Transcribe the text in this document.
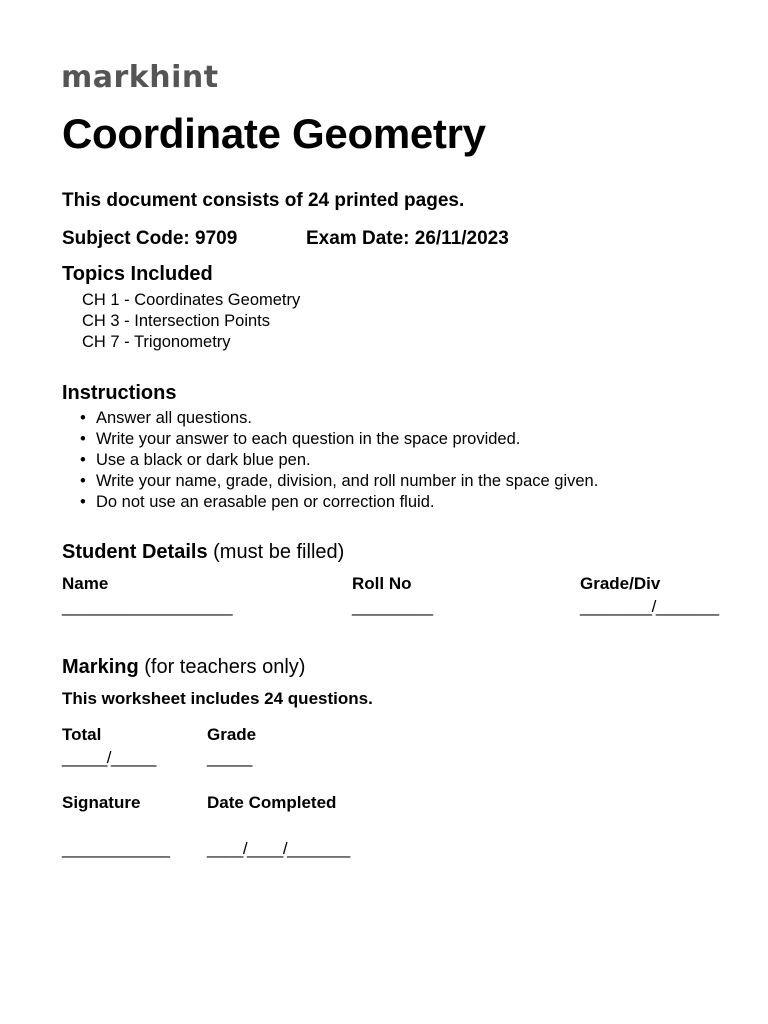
markhint
Coordinate Geometry
This document consists of 24 printed pages.
Subject Code: 9709	Exam Date: 26/11/2023
Topics Included
CH 1 - Coordinates Geometry
CH 3 - Intersection Points
CH 7 - Trigonometry
Instructions
• Answer all questions.
• Write your answer to each question in the space provided.
• Use a black or dark blue pen.
• Write your name, grade, division, and roll number in the space given.
• Do not use an erasable pen or correction fluid.
Student Details (must be filled)
Name
___________________
Roll No
_________
Grade/Div
________/_______
Marking (for teachers only)
This worksheet includes 24 questions.
Total
_____/_____
Grade
_____
Signature
____________
Date Completed
____/____/_______
